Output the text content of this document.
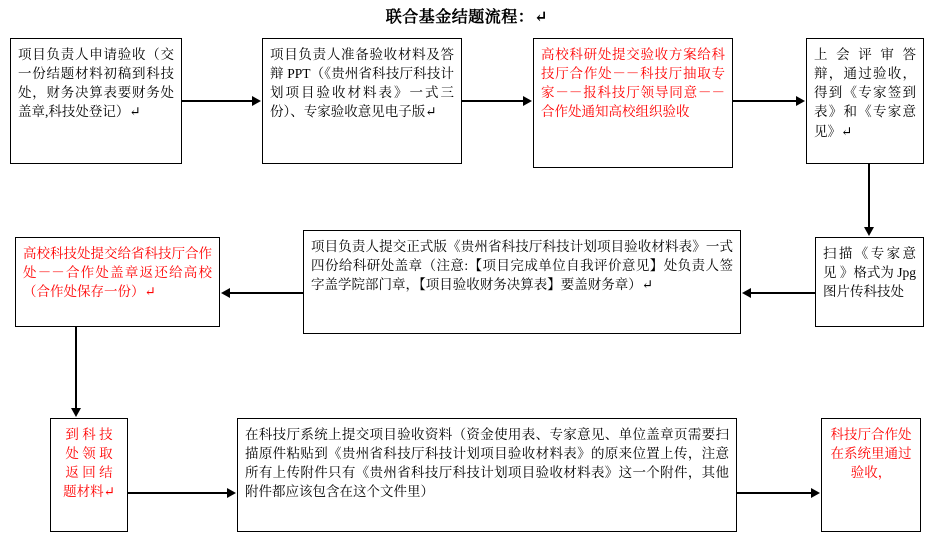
联合基金结题流程：↵
项目负责人申请验收（交一份结题材料初稿到科技处，财务决算表要财务处盖章,科技处登记）↵
项目负责人准备验收材料及答辩 PPT（《贵州省科技厅科技计划项目验收材料表》一式三份）、专家验收意见电子版↵
高校科研处提交验收方案给科技厅合作处－－科技厅抽取专家－－报科技厅领导同意－－合作处通知高校组织验收
上 会 评 审 答辩，通过验收，得到《专家签到表》和《专家意见》↵
高校科技处提交给省科技厅合作处－－合作处盖章返还给高校（合作处保存一份）↵
项目负责人提交正式版《贵州省科技厅科技计划项目验收材料表》一式四份给科研处盖章（注意:【项目完成单位自我评价意见】处负责人签字盖学院部门章，【项目验收财务决算表】要盖财务章）↵
扫描《专家意见 》格式为 Jpg 图片传科技处
到 科 技 处 领 取 返 回 结 题材料↵
在科技厅系统上提交项目验收资料（资金使用表、专家意见、单位盖章页需要扫描原件粘贴到《贵州省科技厅科技计划项目验收材料表》的原来位置上传，注意所有上传附件只有《贵州省科技厅科技计划项目验收材料表》这一个附件，其他附件都应该包含在这个文件里）
科技厅合作处在系统里通过验收，
